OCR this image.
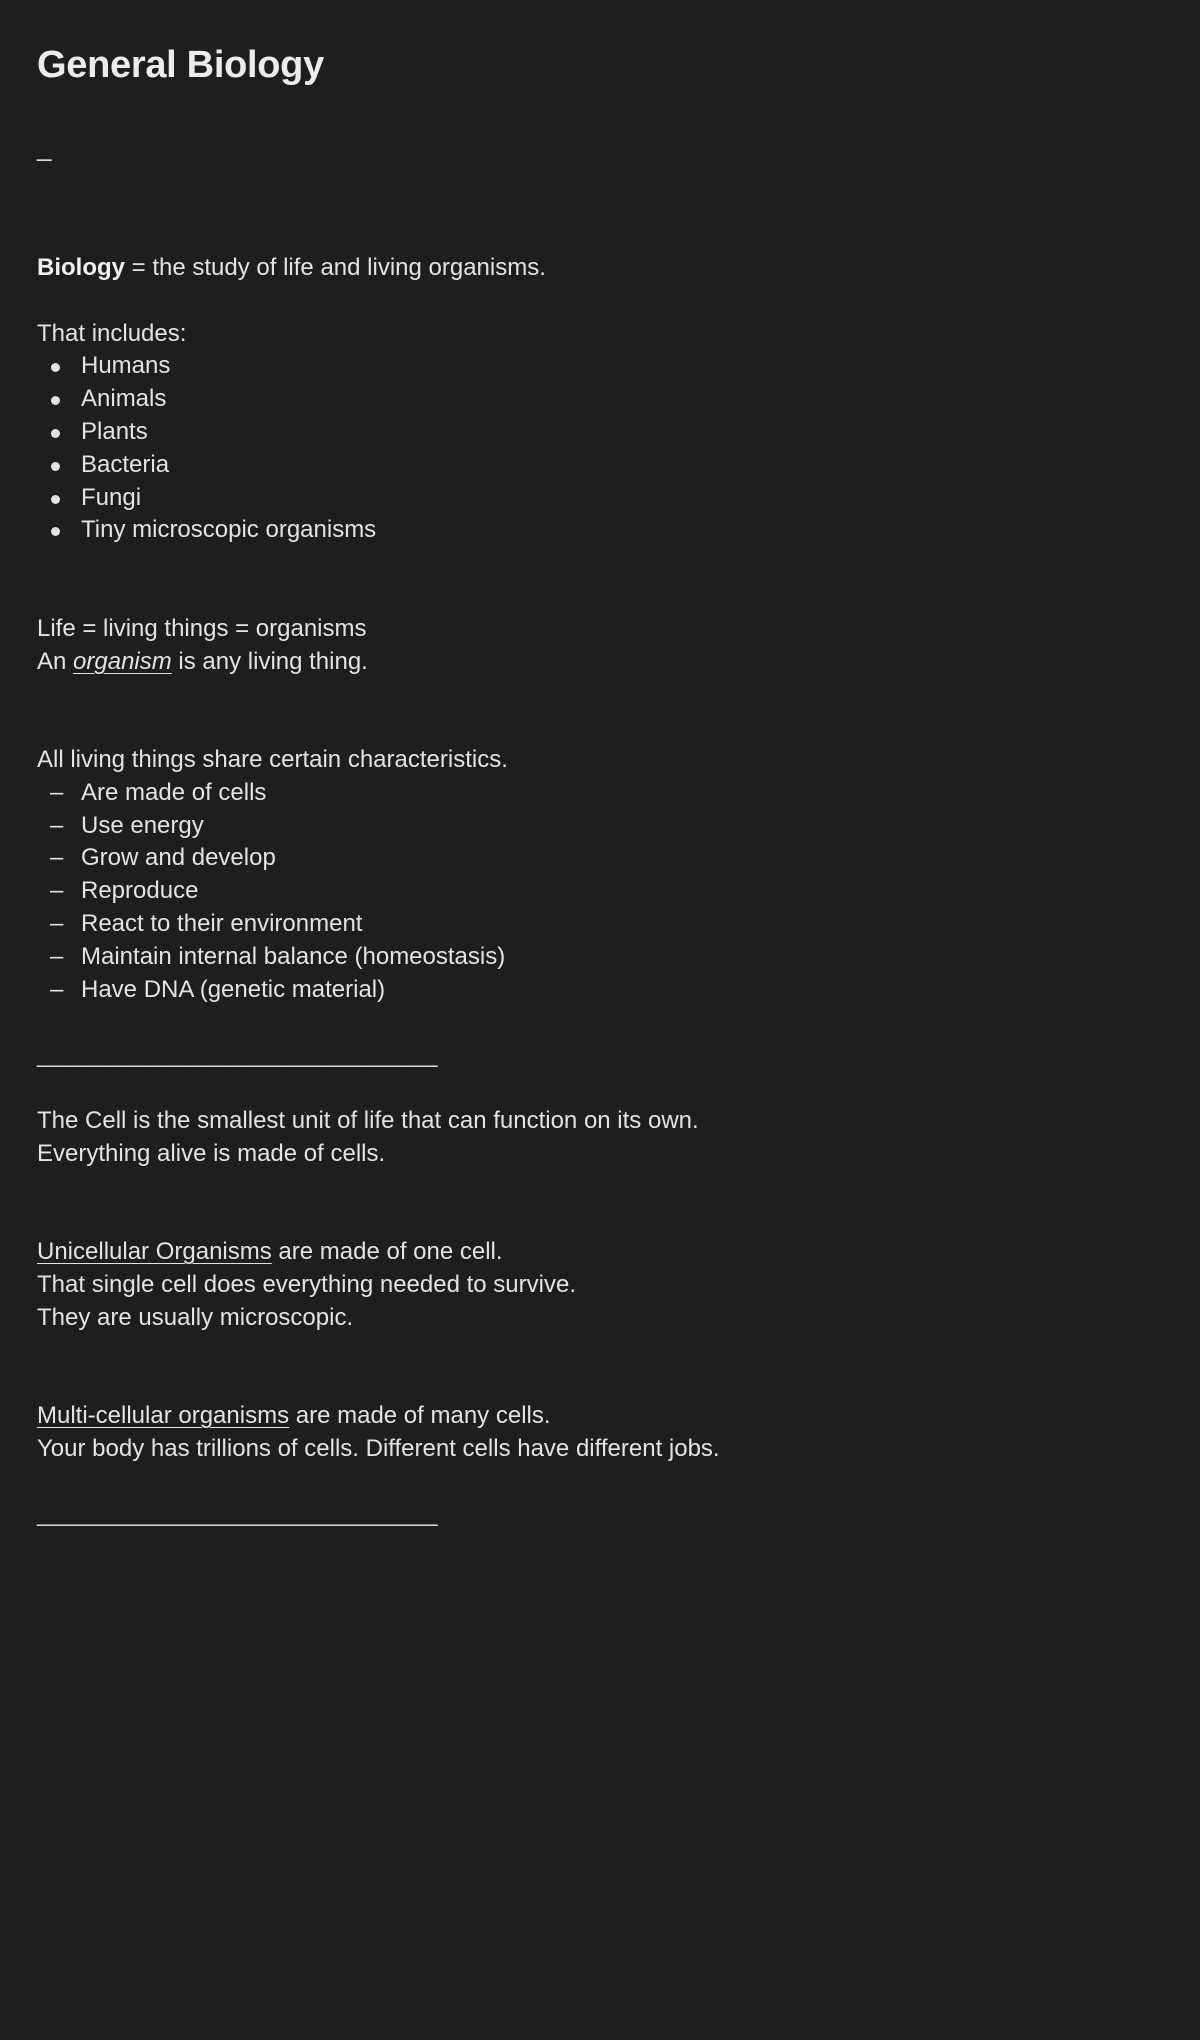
General Biology
_
Biology = the study of life and living organisms.
That includes:
Humans
Animals
Plants
Bacteria
Fungi
Tiny microscopic organisms
Life = living things = organisms
An organism is any living thing.
All living things share certain characteristics.
– Are made of cells
– Use energy
– Grow and develop
– Reproduce
– React to their environment
– Maintain internal balance (homeostasis)
– Have DNA (genetic material)
______________________________
The Cell is the smallest unit of life that can function on its own.
Everything alive is made of cells.
Unicellular Organisms are made of one cell.
That single cell does everything needed to survive.
They are usually microscopic.
Multi-cellular organisms are made of many cells.
Your body has trillions of cells. Different cells have different jobs.
______________________________
